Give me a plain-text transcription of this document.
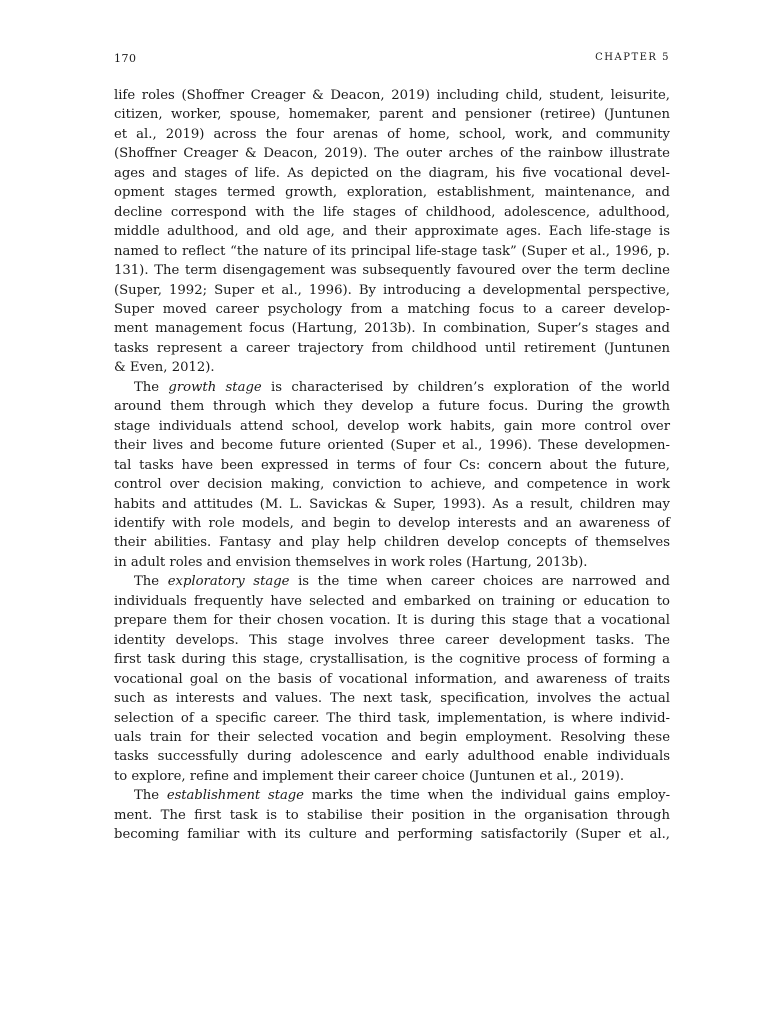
170	CHAPTER 5

life roles (Shoffner Creager & Deacon, 2019) including child, student, leisurite,
citizen, worker, spouse, homemaker, parent and pensioner (retiree) (Juntunen
et al., 2019) across the four arenas of home, school, work, and community
(Shoffner Creager & Deacon, 2019). The outer arches of the rainbow illustrate
ages and stages of life. As depicted on the diagram, his five vocational devel-
opment stages termed growth, exploration, establishment, maintenance, and
decline correspond with the life stages of childhood, adolescence, adulthood,
middle adulthood, and old age, and their approximate ages. Each life-stage is
named to reflect “the nature of its principal life-stage task” (Super et al., 1996, p.
131). The term disengagement was subsequently favoured over the term decline
(Super, 1992; Super et al., 1996). By introducing a developmental perspective,
Super moved career psychology from a matching focus to a career develop-
ment management focus (Hartung, 2013b). In combination, Super’s stages and
tasks represent a career trajectory from childhood until retirement (Juntunen
& Even, 2012).

The growth stage is characterised by children’s exploration of the world
around them through which they develop a future focus. During the growth
stage individuals attend school, develop work habits, gain more control over
their lives and become future oriented (Super et al., 1996). These developmen-
tal tasks have been expressed in terms of four Cs: concern about the future,
control over decision making, conviction to achieve, and competence in work
habits and attitudes (M. L. Savickas & Super, 1993). As a result, children may
identify with role models, and begin to develop interests and an awareness of
their abilities. Fantasy and play help children develop concepts of themselves
in adult roles and envision themselves in work roles (Hartung, 2013b).

The exploratory stage is the time when career choices are narrowed and
individuals frequently have selected and embarked on training or education to
prepare them for their chosen vocation. It is during this stage that a vocational
identity develops. This stage involves three career development tasks. The
first task during this stage, crystallisation, is the cognitive process of forming a
vocational goal on the basis of vocational information, and awareness of traits
such as interests and values. The next task, specification, involves the actual
selection of a specific career. The third task, implementation, is where individ-
uals train for their selected vocation and begin employment. Resolving these
tasks successfully during adolescence and early adulthood enable individuals
to explore, refine and implement their career choice (Juntunen et al., 2019).

The establishment stage marks the time when the individual gains employ-
ment. The first task is to stabilise their position in the organisation through
becoming familiar with its culture and performing satisfactorily (Super et al.,
